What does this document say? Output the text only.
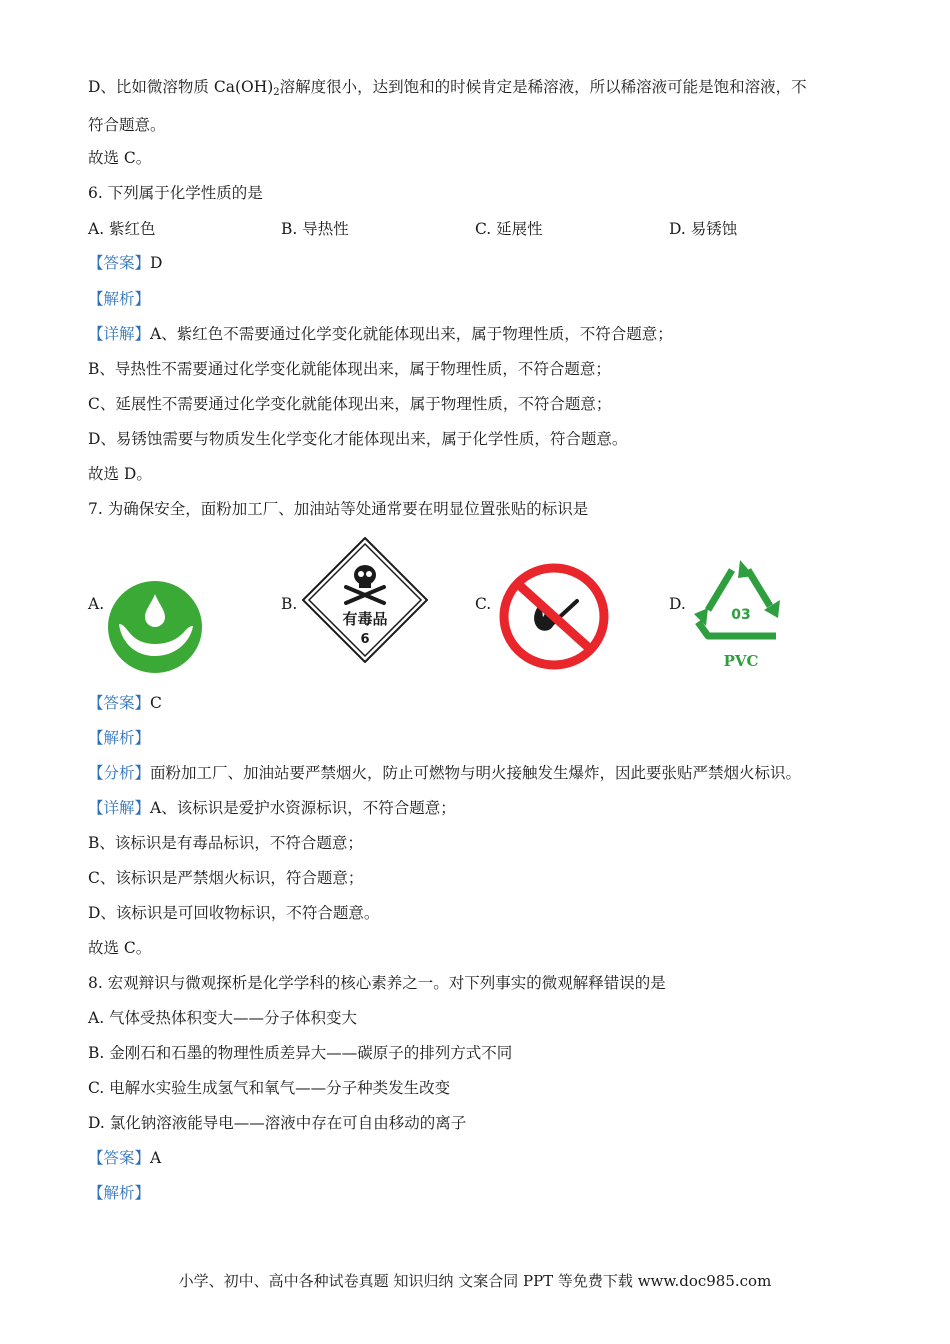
D、比如微溶物质 $Ca(OH)_2$溶解度很小，达到饱和的时候肯定是稀溶液，所以稀溶液可能是饱和溶液，不
符合题意。
故选 C。
6. 下列属于化学性质的是
A. 紫红色	B. 导热性	C. 延展性	D. 易锈蚀
【答案】D
【解析】
【详解】A、紫红色不需要通过化学变化就能体现出来，属于物理性质，不符合题意；
B、导热性不需要通过化学变化就能体现出来，属于物理性质，不符合题意；
C、延展性不需要通过化学变化就能体现出来，属于物理性质，不符合题意；
D、易锈蚀需要与物质发生化学变化才能体现出来，属于化学性质，符合题意。
故选 D。
7. 为确保安全，面粉加工厂、加油站等处通常要在明显位置张贴的标识是
A.	B.	C.	D.
有毒品
6
03
PVC
【答案】C
【解析】
【分析】面粉加工厂、加油站要严禁烟火，防止可燃物与明火接触发生爆炸，因此要张贴严禁烟火标识。
【详解】A、该标识是爱护水资源标识，不符合题意；
B、该标识是有毒品标识，不符合题意；
C、该标识是严禁烟火标识，符合题意；
D、该标识是可回收物标识，不符合题意。
故选 C。
8. 宏观辩识与微观探析是化学学科的核心素养之一。对下列事实的微观解释错误的是
A. 气体受热体积变大——分子体积变大
B. 金刚石和石墨的物理性质差异大——碳原子的排列方式不同
C. 电解水实验生成氢气和氧气——分子种类发生改变
D. 氯化钠溶液能导电——溶液中存在可自由移动的离子
【答案】A
【解析】
小学、初中、高中各种试卷真题 知识归纳 文案合同 PPT 等免费下载 www.doc985.com
